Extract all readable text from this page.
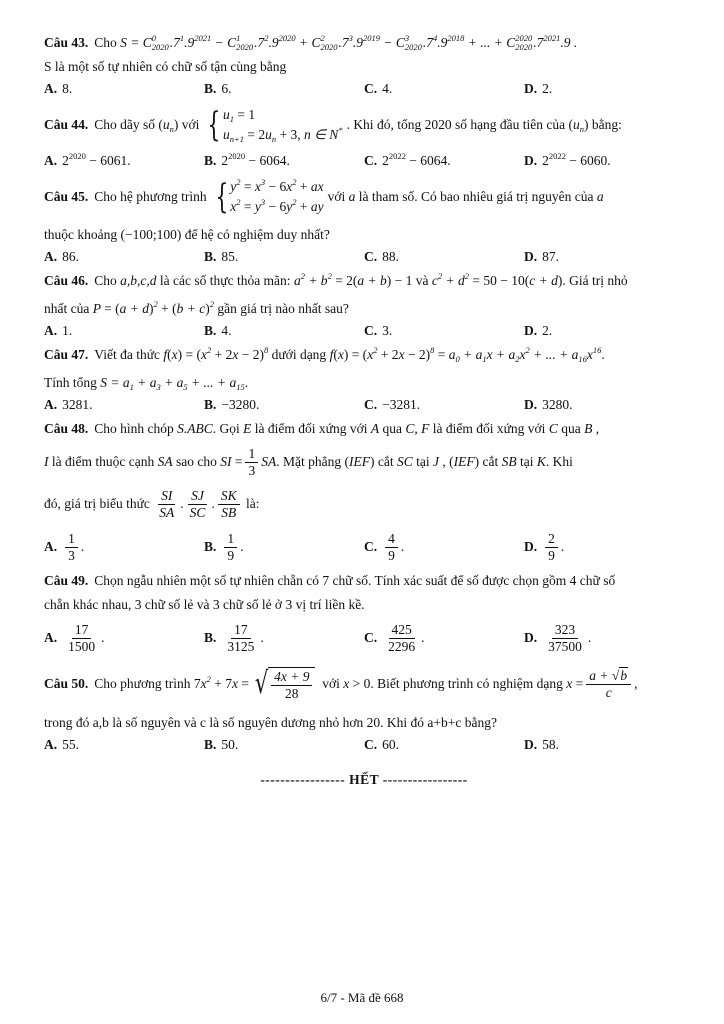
Câu 43. Cho
S = C 0
2020 $.7^1.9^{2021} - C$ 1
2020 $.7^2.9^{2020} + C$ 2
2020 $.7^3.9^{2019} - C$ 3
2020 $.7^4.9^{2018}$ + ... + C 2020
2020 $.7^{2021}.9$ .
S là một số tự nhiên có chữ số tận cùng bằng
A. 8.	B. 6.	C. 4.	D. 2.
Câu 44. Cho dãy số
$(u_n)$
với { $u_1 = 1$
$u_{n+1} = 2u_n + 3$, n ∈ N* . Khi đó, tổng 2020 số hạng đầu tiên của
$(u_n)$
bằng:
A. $2^{2020} - 6061$.	B. $2^{2020} - 6064$.	C. $2^{2022} - 6064$.	D. $2^{2022} - 6060$.
Câu 45. Cho hệ phương trình { $y^2 = x^3 - 6x^2$ + ax
$x^2 = y^3 - 6y^2$ + ay
với
a
là tham số. Có bao nhiêu giá trị nguyên của
a
thuộc khoảng (−100;100) để hệ có nghiệm duy nhất?
A. 86.	B. 85.	C. 88.	D. 87.
Câu 46. Cho
a,b,c,d
là các số thực thỏa mãn:
$a^2 + b^2 = 2(a + b) - 1$
và
$c^2 + d^2 = 50 - 10(c + d)$ . Giá trị nhỏ
nhất của $P = (a + d)^2 + (b + c)^2$ gần giá trị nào nhất sau?
A. 1.	B. 4.	C. 3.	D. 2.
Câu 47. Viết đa thức
$f(x) = (x^2 + 2x - 2)^8$
dưới dạng
$f(x) = (x^2 + 2x - 2)^8 = a_0 + a_1x + a_2x^2$ + ... + $a_{16}x^{16}$.
Tính tổng $S = a_1 + a_3 + a_5$ + ... + $a_{15}$.
A. 3281.	B. −3280.	C. −3281.	D. 3280.
Câu 48. Cho hình chóp
S.ABC . Gọi
E
là điểm đối xứng với
A
qua
C ,
F
là điểm đối xứng với
C
qua
B ,
I
là điểm thuộc cạnh
SA
sao cho
SI = $\frac{1}{3}$ SA . Mặt phẳng ( IEF ) cắt
SC
tại
J , ( IEF ) cắt
SB
tại
K . Khi
đó, giá trị biểu thức
$\frac{SI}{SA}$ . $\frac{SJ}{SC}$ . $\frac{SK}{SB}$
là:
A. $\frac{1}{3}$ .	B. $\frac{1}{9}$ .	C. $\frac{4}{9}$ .	D. $\frac{2}{9}$ .
Câu 49. Chọn ngẫu nhiên một số tự nhiên chẵn có 7 chữ số. Tính xác suất để số được chọn gồm 4 chữ số
chẵn khác nhau, 3 chữ số lẻ và 3 chữ số lẻ ở 3 vị trí liền kề.
A. $\frac{17}{1500}$ .	B. $\frac{17}{3125}$ .	C. $\frac{425}{2296}$ .	D. $\frac{323}{37500}$ .
Câu 50. Cho phương trình
$7x^2 + 7x$ = √ $\frac{4x + 9}{28}$
với
x > 0 . Biết phương trình có nghiệm dạng
$x = \frac{a + √b}{c}$ ,
trong đó a,b là số nguyên và c là số nguyên dương nhỏ hơn 20. Khi đó a+b+c bằng?
A. 55.	B. 50.	C. 60.	D. 58.
----------------- HẾT -----------------
6/7 - Mã đề 668
